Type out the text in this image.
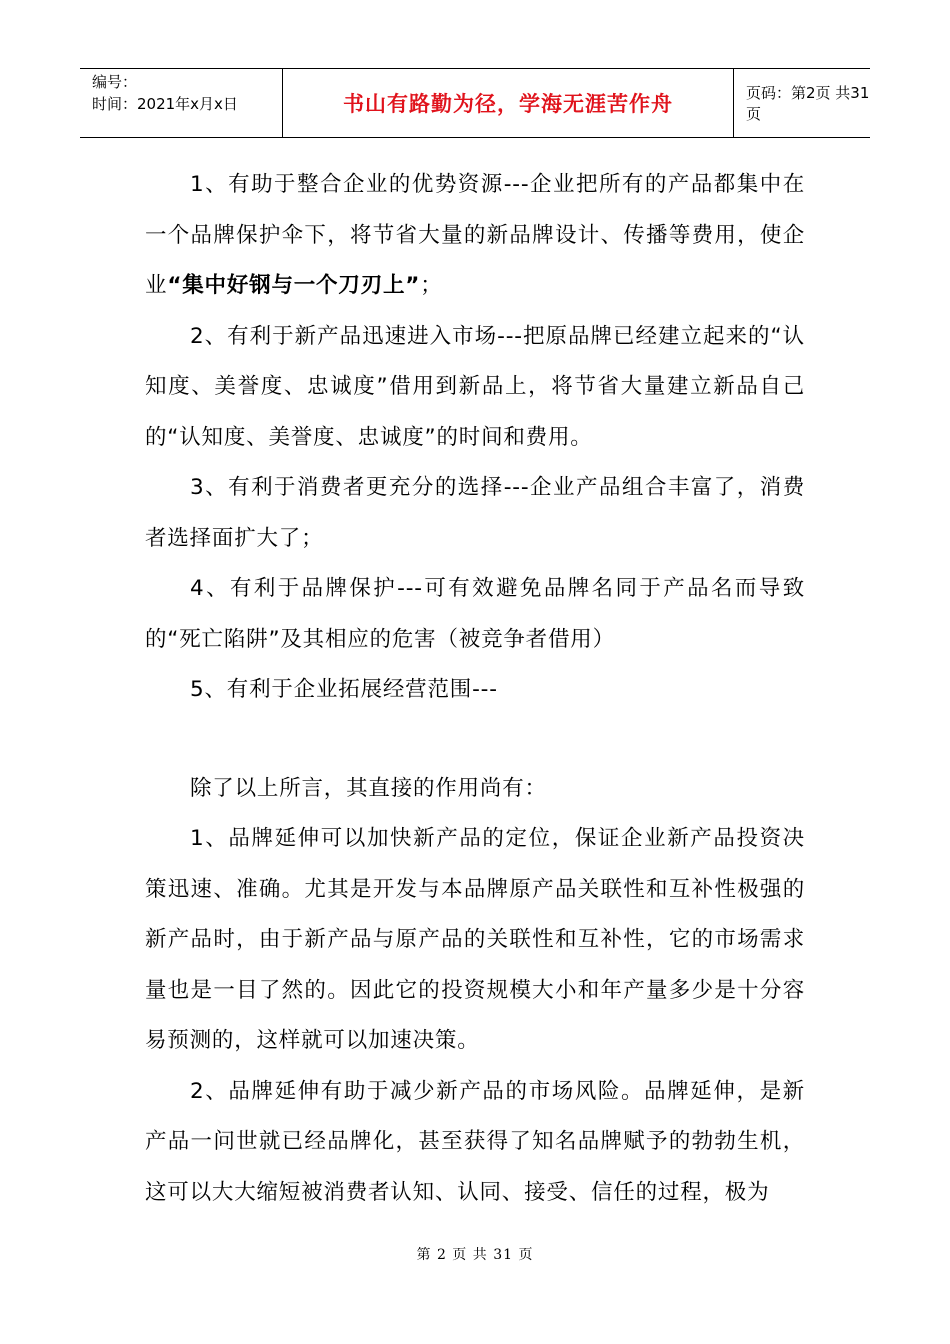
编号：
时间：2021年x月x日	书山有路勤为径，学海无涯苦作舟	页码：第2页 共31页

1、有助于整合企业的优势资源---企业把所有的产品都集中在一个品牌保护伞下，将节省大量的新品牌设计、传播等费用，使企业“集中好钢与一个刀刃上”；

2、有利于新产品迅速进入市场---把原品牌已经建立起来的“认知度、美誉度、忠诚度”借用到新品上，将节省大量建立新品自己的“认知度、美誉度、忠诚度”的时间和费用。

3、有利于消费者更充分的选择---企业产品组合丰富了，消费者选择面扩大了；

4、有利于品牌保护---可有效避免品牌名同于产品名而导致的“死亡陷阱”及其相应的危害（被竞争者借用）

5、有利于企业拓展经营范围---

除了以上所言，其直接的作用尚有：

1、品牌延伸可以加快新产品的定位，保证企业新产品投资决策迅速、准确。尤其是开发与本品牌原产品关联性和互补性极强的新产品时，由于新产品与原产品的关联性和互补性，它的市场需求量也是一目了然的。因此它的投资规模大小和年产量多少是十分容易预测的，这样就可以加速决策。

2、品牌延伸有助于减少新产品的市场风险。品牌延伸，是新产品一问世就已经品牌化，甚至获得了知名品牌赋予的勃勃生机，这可以大大缩短被消费者认知、认同、接受、信任的过程，极为

第 2 页 共 31 页
